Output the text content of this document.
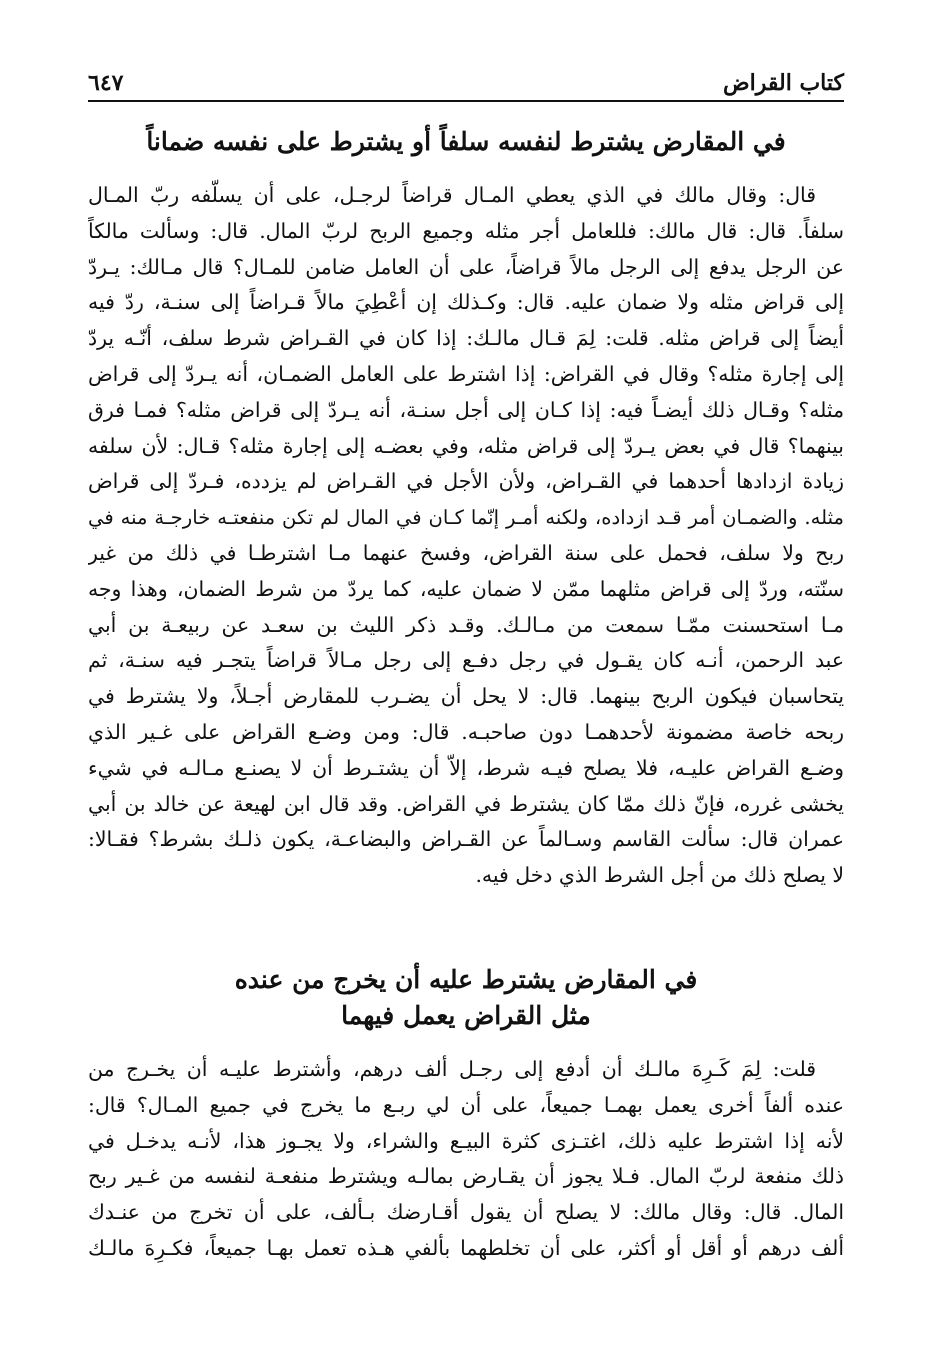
كتاب القراض
٦٤٧
في المقارض يشترط لنفسه سلفاً أو يشترط على نفسه ضماناً
قال: وقال مالك في الذي يعطي المـال قراضاً لرجـل، على أن يسلّفه ربّ المـال
سلفاً. قال: قال مالك: فللعامل أجر مثله وجميع الربح لربّ المال. قال: وسألت مالكاً
عن الرجل يدفع إلى الرجل مالاً قراضاً، على أن العامل ضامن للمـال؟ قال مـالك: يـردّ
إلى قراض مثله ولا ضمان عليه. قال: وكـذلك إن أعْطِيَ مالاً قـراضاً إلى سنـة، ردّ فيه
أيضاً إلى قراض مثله. قلت: لِمَ قـال مالـك: إذا كان في القـراض شرط سلف، أنّـه يردّ
إلى إجارة مثله؟ وقال في القراض: إذا اشترط على العامل الضمـان، أنه يـردّ إلى قراض
مثله؟ وقـال ذلك أيضـاً فيه: إذا كـان إلى أجل سنـة، أنه يـردّ إلى قراض مثله؟ فمـا فرق
بينهما؟ قال في بعض يـردّ إلى قراض مثله، وفي بعضـه إلى إجارة مثله؟ قـال: لأن سلفه
زيادة ازدادها أحدهما في القـراض، ولأن الأجل في القـراض لم يزدده، فـردّ إلى قراض
مثله. والضمـان أمر قـد ازداده، ولكنه أمـر إنّما كـان في المال لم تكن منفعتـه خارجـة منه في
ربح ولا سلف، فحمل على سنة القراض، وفسخ عنهما مـا اشترطـا في ذلك من غير
سنّته، وردّ إلى قراض مثلهما ممّن لا ضمان عليه، كما يردّ من شرط الضمان، وهذا وجه
مـا استحسنت ممّـا سمعت من مـالـك. وقـد ذكر الليث بن سعـد عن ربيعـة بن أبي
عبد الرحمن، أنـه كان يقـول في رجل دفـع إلى رجل مـالاً قراضاً يتجـر فيه سنـة، ثم
يتحاسبان فيكون الربح بينهما. قال: لا يحل أن يضـرب للمقارض أجـلاً، ولا يشترط في
ربحه خاصة مضمونة لأحدهمـا دون صاحبـه. قال: ومن وضـع القراض على غـير الذي
وضـع القراض عليـه، فلا يصلح فيـه شرط، إلاّ أن يشتـرط أن لا يصنـع مـالـه في شيء
يخشى غرره، فإنّ ذلك ممّا كان يشترط في القراض. وقد قال ابن لهيعة عن خالد بن أبي
عمران قال: سألت القاسم وسـالماً عن القـراض والبضاعـة، يكون ذلـك بشرط؟ فقـالا:
لا يصلح ذلك من أجل الشرط الذي دخل فيه.
في المقارض يشترط عليه أن يخرج من عنده
مثل القراض يعمل فيهما
قلت: لِمَ كَـرِهَ مالـك أن أدفع إلى رجـل ألف درهم، وأشترط عليـه أن يخـرج من
عنده ألفاً أخرى يعمل بهمـا جميعاً، على أن لي ربـع ما يخرج في جميع المـال؟ قال:
لأنه إذا اشترط عليه ذلك، اغتـزى كثرة البيـع والشراء، ولا يجـوز هذا، لأنـه يدخـل في
ذلك منفعة لربّ المال. فـلا يجوز أن يقـارض بمالـه ويشترط منفعـة لنفسه من غـير ربح
المال. قال: وقال مالك: لا يصلح أن يقول أقـارضك بـألف، على أن تخرج من عنـدك
ألف درهم أو أقل أو أكثر، على أن تخلطهما بألفي هـذه تعمل بهـا جميعاً، فكـرِهَ مالـك
